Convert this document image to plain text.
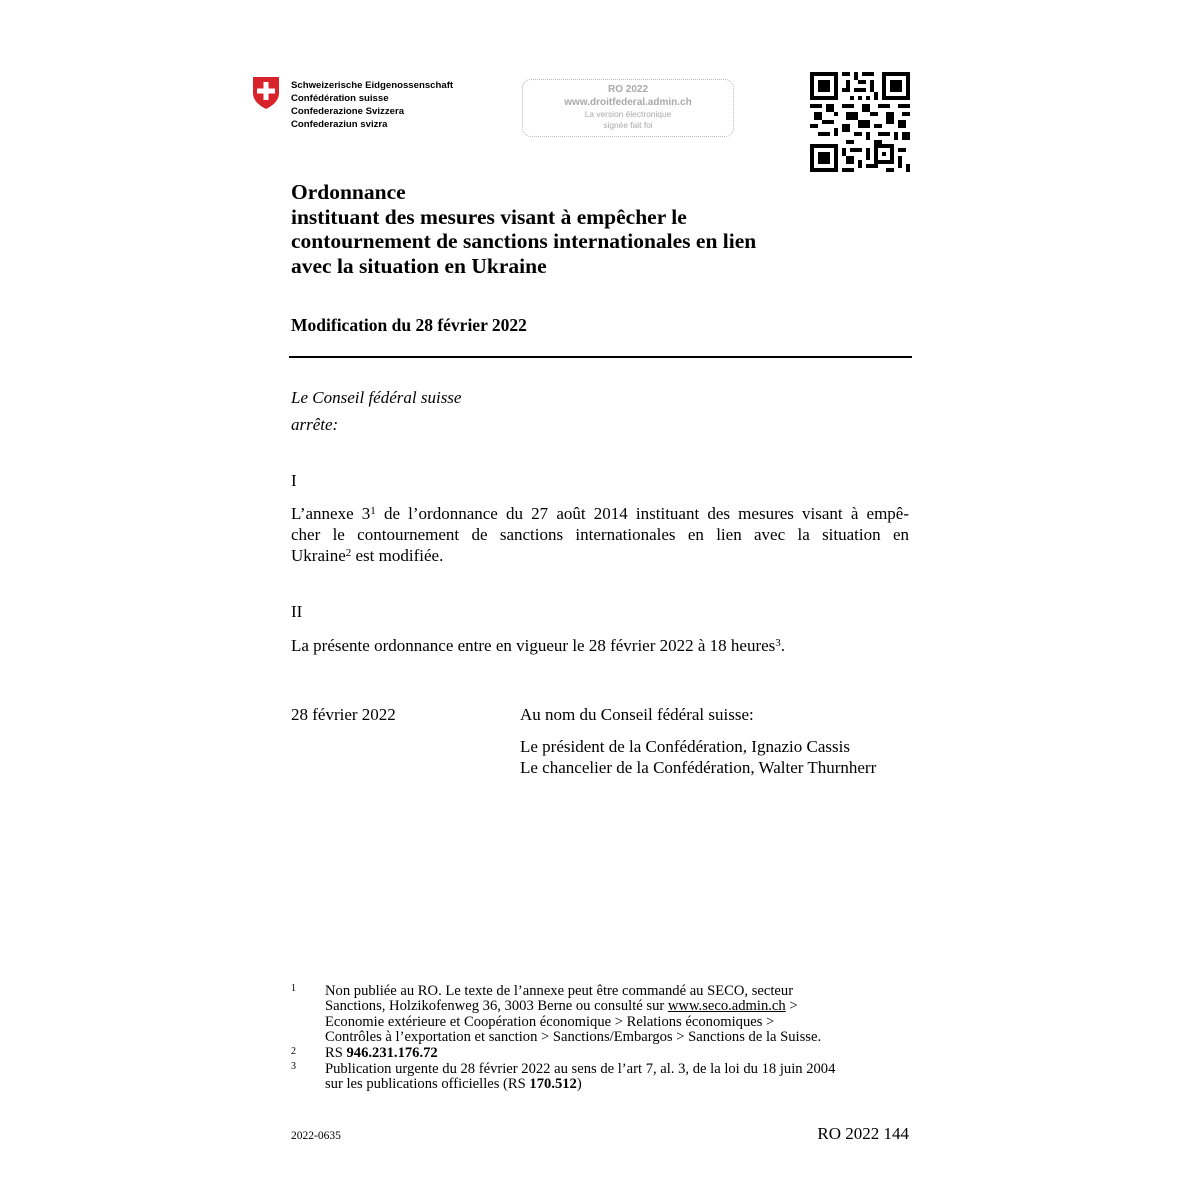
Schweizerische Eidgenossenschaft
Confédération suisse
Confederazione Svizzera
Confederaziun svizra
RO 2022
www.droitfederal.admin.ch
La version électronique
signée fait foi
Ordonnance
instituant des mesures visant à empêcher le
contournement de sanctions internationales en lien
avec la situation en Ukraine
Modification du 28 février 2022
Le Conseil fédéral suisse
arrête:
I
L’annexe 3$^1$ de l’ordonnance du 27 août 2014 instituant des mesures visant à empê-
cher le contournement de sanctions internationales en lien avec la situation en
Ukraine$^2$ est modifiée.
II
La présente ordonnance entre en vigueur le 28 février 2022 à 18 heures$^3$.
28 février 2022	Au nom du Conseil fédéral suisse:
Le président de la Confédération, Ignazio Cassis
Le chancelier de la Confédération, Walter Thurnherr
1 Non publiée au RO. Le texte de l’annexe peut être commandé au SECO, secteur
Sanctions, Holzikofenweg 36, 3003 Berne ou consulté sur www.seco.admin.ch >
Economie extérieure et Coopération économique > Relations économiques >
Contrôles à l’exportation et sanction > Sanctions/Embargos > Sanctions de la Suisse.
2 RS 946.231.176.72
3 Publication urgente du 28 février 2022 au sens de l’art 7, al. 3, de la loi du 18 juin 2004
sur les publications officielles (RS 170.512)
2022-0635	RO 2022 144
